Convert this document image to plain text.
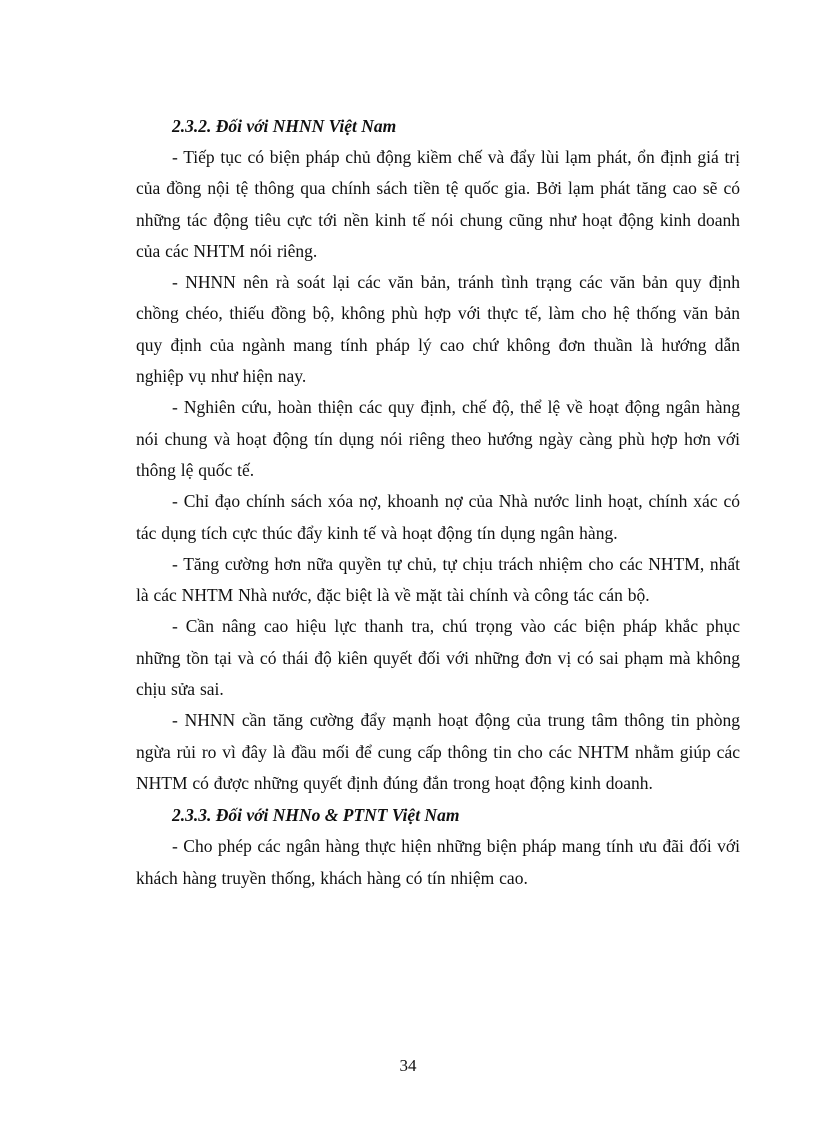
2.3.2. Đối với NHNN Việt Nam

- Tiếp tục có biện pháp chủ động kiềm chế và đẩy lùi lạm phát, ổn định giá trị của đồng nội tệ thông qua chính sách tiền tệ quốc gia. Bởi lạm phát tăng cao sẽ có những tác động tiêu cực tới nền kinh tế nói chung cũng như hoạt động kinh doanh của các NHTM nói riêng.

- NHNN nên rà soát lại các văn bản, tránh tình trạng các văn bản quy định chồng chéo, thiếu đồng bộ, không phù hợp với thực tế, làm cho hệ thống văn bản quy định của ngành mang tính pháp lý cao chứ không đơn thuần là hướng dẫn nghiệp vụ như hiện nay.

- Nghiên cứu, hoàn thiện các quy định, chế độ, thể lệ về hoạt động ngân hàng nói chung và hoạt động tín dụng nói riêng theo hướng ngày càng phù hợp hơn với thông lệ quốc tế.

- Chỉ đạo chính sách xóa nợ, khoanh nợ của Nhà nước linh hoạt, chính xác có tác dụng tích cực thúc đẩy kinh tế và hoạt động tín dụng ngân hàng.

- Tăng cường hơn nữa quyền tự chủ, tự chịu trách nhiệm cho các NHTM, nhất là các NHTM Nhà nước, đặc biệt là về mặt tài chính và công tác cán bộ.

- Cần nâng cao hiệu lực thanh tra, chú trọng vào các biện pháp khắc phục những tồn tại và có thái độ kiên quyết đối với những đơn vị có sai phạm mà không chịu sửa sai.

- NHNN cần tăng cường đẩy mạnh hoạt động của trung tâm thông tin phòng ngừa rủi ro vì đây là đầu mối để cung cấp thông tin cho các NHTM nhằm giúp các NHTM có được những quyết định đúng đắn trong hoạt động kinh doanh.

2.3.3. Đối với NHNo & PTNT Việt Nam

- Cho phép các ngân hàng thực hiện những biện pháp mang tính ưu đãi đối với khách hàng truyền thống, khách hàng có tín nhiệm cao.

34
